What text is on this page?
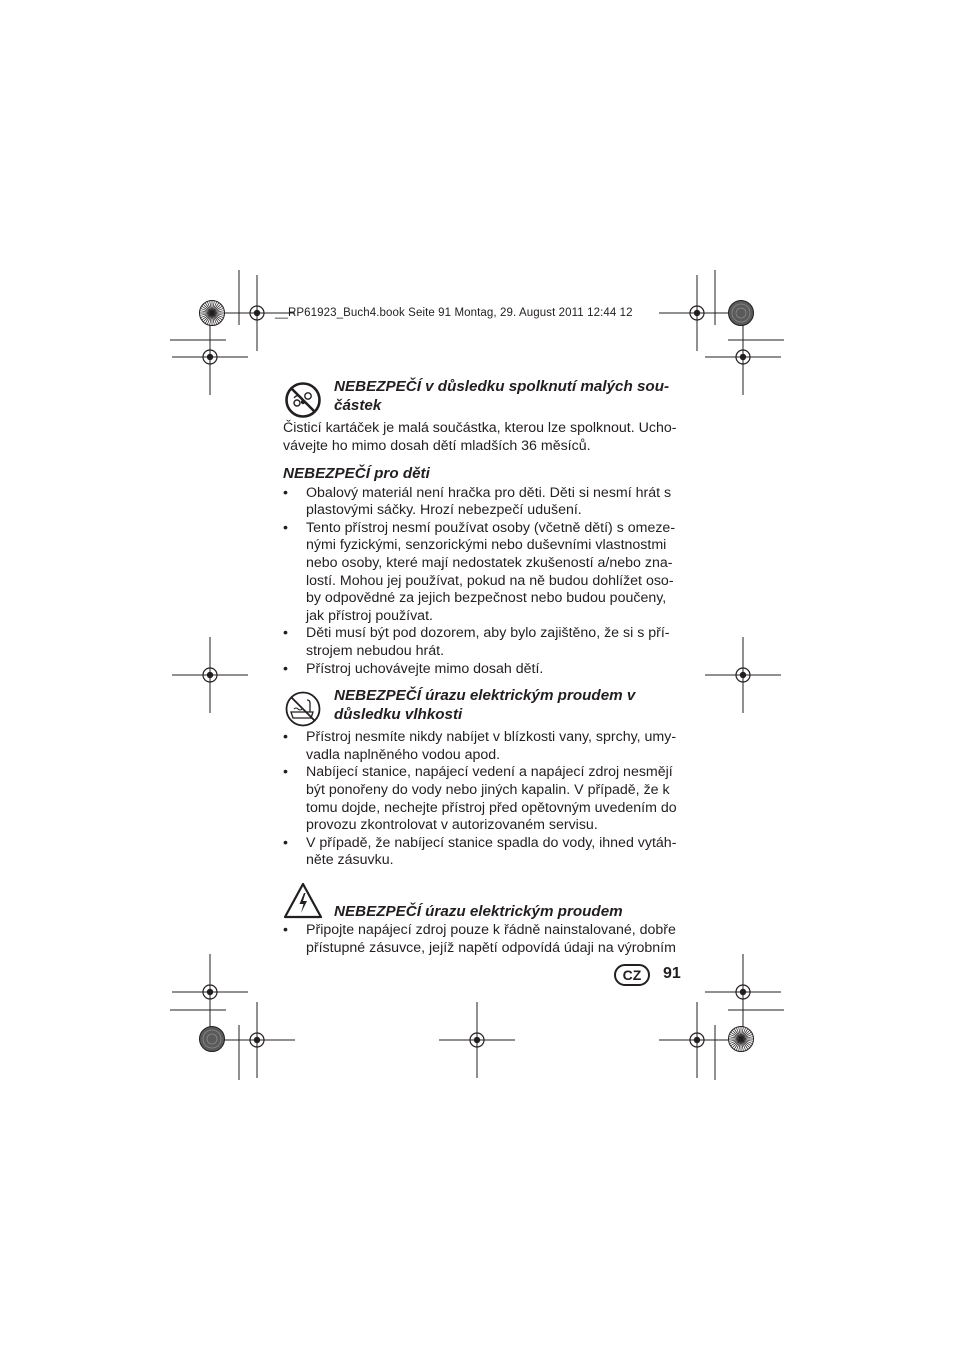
__RP61923_Buch4.book Seite 91 Montag, 29. August 2011 12:44 12
NEBEZPEČÍ v důsledku spolknutí malých sou-
částek

Čisticí kartáček je malá součástka, kterou lze spolknout. Ucho-
vávejte ho mimo dosah dětí mladších 36 měsíců.

NEBEZPEČÍ pro děti
• Obalový materiál není hračka pro děti. Děti si nesmí hrát s
plastovými sáčky. Hrozí nebezpečí udušení.
• Tento přístroj nesmí používat osoby (včetně dětí) s omeze-
nými fyzickými, senzorickými nebo duševními vlastnostmi
nebo osoby, které mají nedostatek zkušeností a/nebo zna-
lostí. Mohou jej používat, pokud na ně budou dohlížet oso-
by odpovědné za jejich bezpečnost nebo budou poučeny,
jak přístroj používat.
• Děti musí být pod dozorem, aby bylo zajištěno, že si s pří-
strojem nebudou hrát.
• Přístroj uchovávejte mimo dosah dětí.
NEBEZPEČÍ úrazu elektrickým proudem v
důsledku vlhkosti
• Přístroj nesmíte nikdy nabíjet v blízkosti vany, sprchy, umy-
vadla naplněného vodou apod.
• Nabíjecí stanice, napájecí vedení a napájecí zdroj nesmějí
být ponořeny do vody nebo jiných kapalin. V případě, že k
tomu dojde, nechejte přístroj před opětovným uvedením do
provozu zkontrolovat v autorizovaném servisu.
• V případě, že nabíjecí stanice spadla do vody, ihned vytáh-
něte zásuvku.
NEBEZPEČÍ úrazu elektrickým proudem
• Připojte napájecí zdroj pouze k řádně nainstalované, dobře
přístupné zásuvce, jejíž napětí odpovídá údaji na výrobním
CZ	91
